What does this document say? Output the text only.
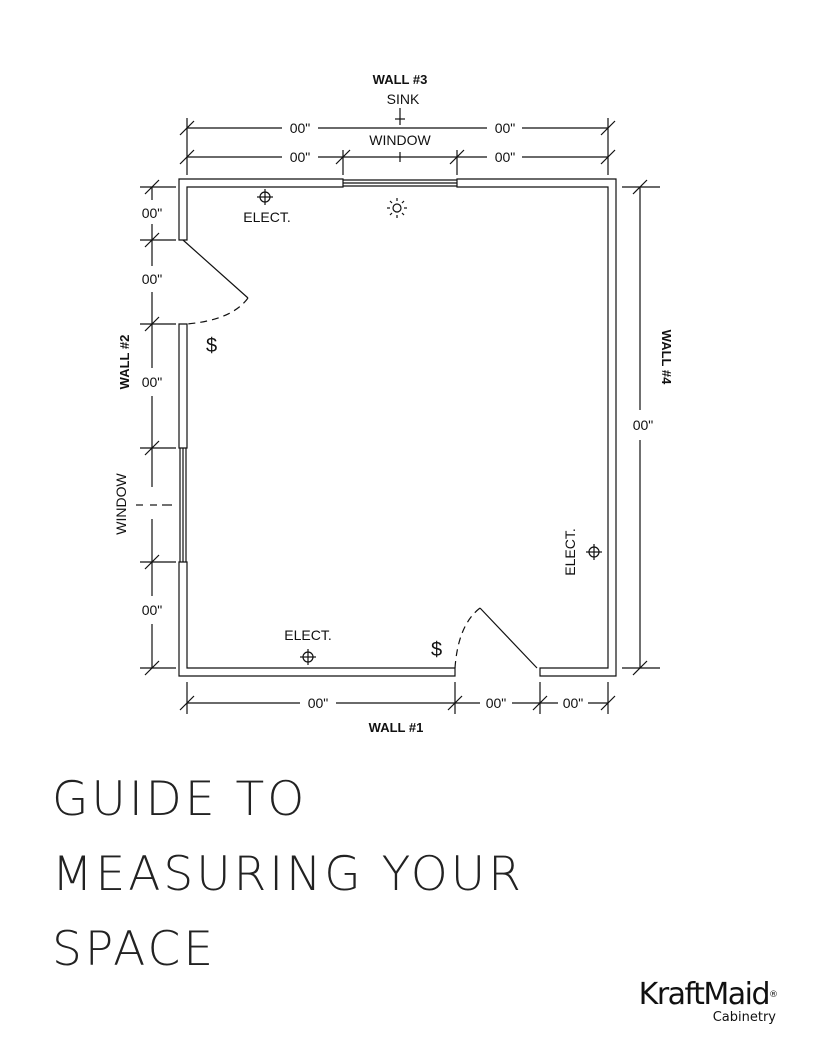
WALL #3
SINK
WINDOW
00"	00"
00"	00"
ELECT.
ELECT.
ELECT.
$
$
00"
00"
00"
00"
WALL #2
WINDOW
WALL #4
00"
00"	00"	00"
WALL #1
GUIDE TO
MEASURING YOUR
SPACE
KraftMaid®
Cabinetry
